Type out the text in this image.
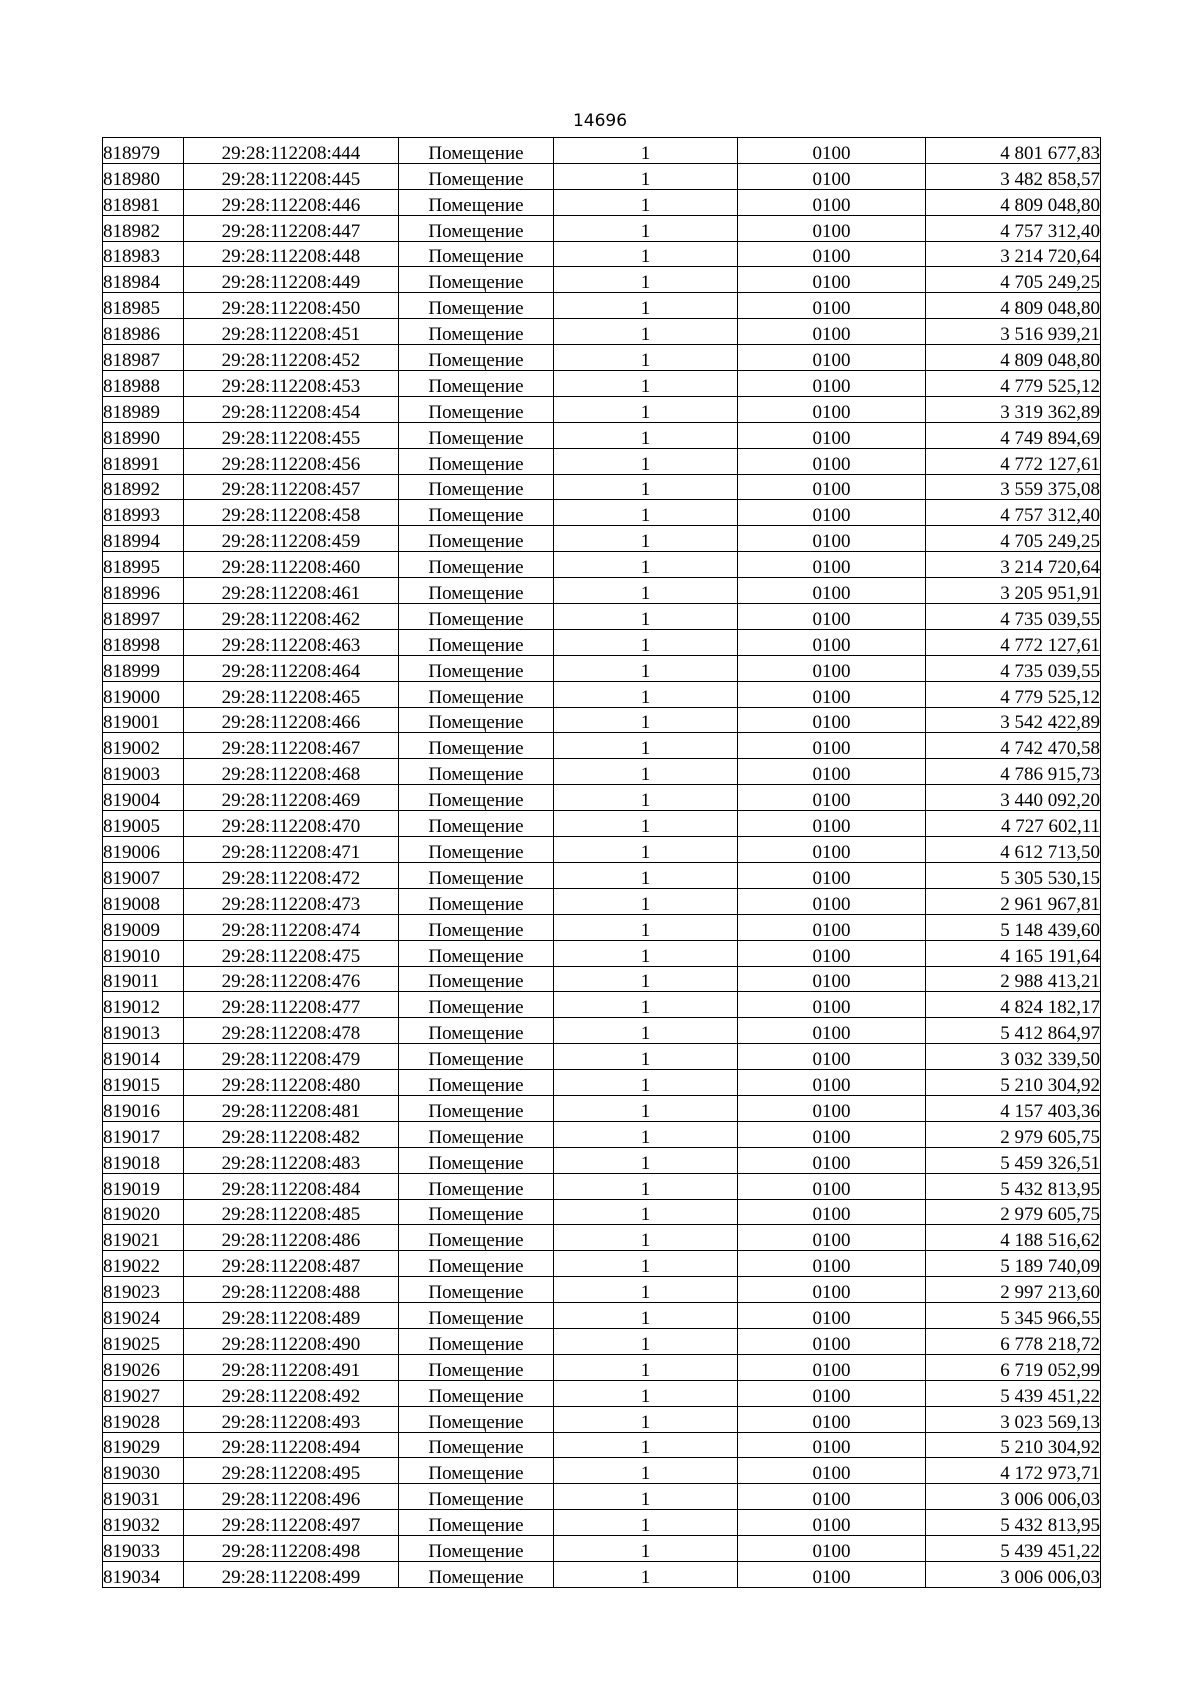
14696
818979	29:28:112208:444	Помещение	1	0100	4 801 677,83
818980	29:28:112208:445	Помещение	1	0100	3 482 858,57
818981	29:28:112208:446	Помещение	1	0100	4 809 048,80
818982	29:28:112208:447	Помещение	1	0100	4 757 312,40
818983	29:28:112208:448	Помещение	1	0100	3 214 720,64
818984	29:28:112208:449	Помещение	1	0100	4 705 249,25
818985	29:28:112208:450	Помещение	1	0100	4 809 048,80
818986	29:28:112208:451	Помещение	1	0100	3 516 939,21
818987	29:28:112208:452	Помещение	1	0100	4 809 048,80
818988	29:28:112208:453	Помещение	1	0100	4 779 525,12
818989	29:28:112208:454	Помещение	1	0100	3 319 362,89
818990	29:28:112208:455	Помещение	1	0100	4 749 894,69
818991	29:28:112208:456	Помещение	1	0100	4 772 127,61
818992	29:28:112208:457	Помещение	1	0100	3 559 375,08
818993	29:28:112208:458	Помещение	1	0100	4 757 312,40
818994	29:28:112208:459	Помещение	1	0100	4 705 249,25
818995	29:28:112208:460	Помещение	1	0100	3 214 720,64
818996	29:28:112208:461	Помещение	1	0100	3 205 951,91
818997	29:28:112208:462	Помещение	1	0100	4 735 039,55
818998	29:28:112208:463	Помещение	1	0100	4 772 127,61
818999	29:28:112208:464	Помещение	1	0100	4 735 039,55
819000	29:28:112208:465	Помещение	1	0100	4 779 525,12
819001	29:28:112208:466	Помещение	1	0100	3 542 422,89
819002	29:28:112208:467	Помещение	1	0100	4 742 470,58
819003	29:28:112208:468	Помещение	1	0100	4 786 915,73
819004	29:28:112208:469	Помещение	1	0100	3 440 092,20
819005	29:28:112208:470	Помещение	1	0100	4 727 602,11
819006	29:28:112208:471	Помещение	1	0100	4 612 713,50
819007	29:28:112208:472	Помещение	1	0100	5 305 530,15
819008	29:28:112208:473	Помещение	1	0100	2 961 967,81
819009	29:28:112208:474	Помещение	1	0100	5 148 439,60
819010	29:28:112208:475	Помещение	1	0100	4 165 191,64
819011	29:28:112208:476	Помещение	1	0100	2 988 413,21
819012	29:28:112208:477	Помещение	1	0100	4 824 182,17
819013	29:28:112208:478	Помещение	1	0100	5 412 864,97
819014	29:28:112208:479	Помещение	1	0100	3 032 339,50
819015	29:28:112208:480	Помещение	1	0100	5 210 304,92
819016	29:28:112208:481	Помещение	1	0100	4 157 403,36
819017	29:28:112208:482	Помещение	1	0100	2 979 605,75
819018	29:28:112208:483	Помещение	1	0100	5 459 326,51
819019	29:28:112208:484	Помещение	1	0100	5 432 813,95
819020	29:28:112208:485	Помещение	1	0100	2 979 605,75
819021	29:28:112208:486	Помещение	1	0100	4 188 516,62
819022	29:28:112208:487	Помещение	1	0100	5 189 740,09
819023	29:28:112208:488	Помещение	1	0100	2 997 213,60
819024	29:28:112208:489	Помещение	1	0100	5 345 966,55
819025	29:28:112208:490	Помещение	1	0100	6 778 218,72
819026	29:28:112208:491	Помещение	1	0100	6 719 052,99
819027	29:28:112208:492	Помещение	1	0100	5 439 451,22
819028	29:28:112208:493	Помещение	1	0100	3 023 569,13
819029	29:28:112208:494	Помещение	1	0100	5 210 304,92
819030	29:28:112208:495	Помещение	1	0100	4 172 973,71
819031	29:28:112208:496	Помещение	1	0100	3 006 006,03
819032	29:28:112208:497	Помещение	1	0100	5 432 813,95
819033	29:28:112208:498	Помещение	1	0100	5 439 451,22
819034	29:28:112208:499	Помещение	1	0100	3 006 006,03
